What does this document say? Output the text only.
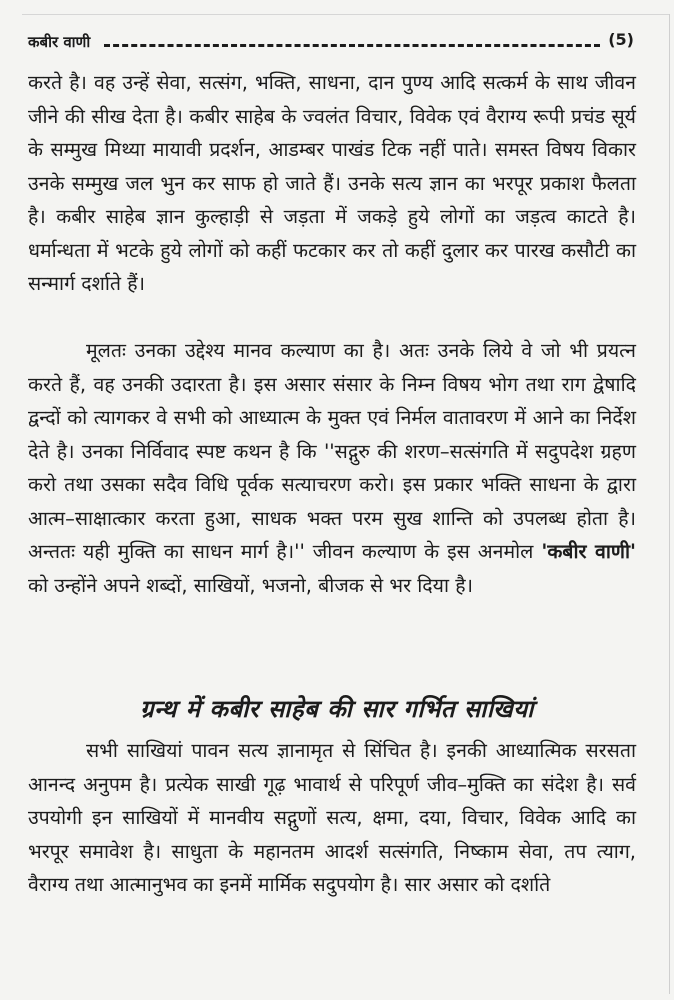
कबीर वाणी	(5)

करते है। वह उन्हें सेवा, सत्संग, भक्ति, साधना, दान पुण्य आदि सत्कर्म के साथ जीवन जीने की सीख देता है। कबीर साहेब के ज्वलंत विचार, विवेक एवं वैराग्य रूपी प्रचंड सूर्य के सम्मुख मिथ्या मायावी प्रदर्शन, आडम्बर पाखंड टिक नहीं पाते। समस्त विषय विकार उनके सम्मुख जल भुन कर साफ हो जाते हैं। उनके सत्य ज्ञान का भरपूर प्रकाश फैलता है। कबीर साहेब ज्ञान कुल्हाड़ी से जड़ता में जकड़े हुये लोगों का जड़त्व काटते है। धर्मान्धता में भटके हुये लोगों को कहीं फटकार कर तो कहीं दुलार कर पारख कसौटी का सन्मार्ग दर्शाते हैं।

मूलतः उनका उद्देश्य मानव कल्याण का है। अतः उनके लिये वे जो भी प्रयत्न करते हैं, वह उनकी उदारता है। इस असार संसार के निम्न विषय भोग तथा राग द्वेषादि द्वन्दों को त्यागकर वे सभी को आध्यात्म के मुक्त एवं निर्मल वातावरण में आने का निर्देश देते है। उनका निर्विवाद स्पष्ट कथन है कि ''सद्गुरु की शरण–सत्संगति में सदुपदेश ग्रहण करो तथा उसका सदैव विधि पूर्वक सत्याचरण करो। इस प्रकार भक्ति साधना के द्वारा आत्म–साक्षात्कार करता हुआ, साधक भक्त परम सुख शान्ति को उपलब्ध होता है। अन्ततः यही मुक्ति का साधन मार्ग है।'' जीवन कल्याण के इस अनमोल 'कबीर वाणी' को उन्होंने अपने शब्दों, साखियों, भजनो, बीजक से भर दिया है।

ग्रन्थ में कबीर साहेब की सार गर्भित साखियां

सभी साखियां पावन सत्य ज्ञानामृत से सिंचित है। इनकी आध्यात्मिक सरसता आनन्द अनुपम है। प्रत्येक साखी गूढ़ भावार्थ से परिपूर्ण जीव–मुक्ति का संदेश है। सर्व उपयोगी इन साखियों में मानवीय सद्गुणों सत्य, क्षमा, दया, विचार, विवेक आदि का भरपूर समावेश है। साधुता के महानतम आदर्श सत्संगति, निष्काम सेवा, तप त्याग, वैराग्य तथा आत्मानुभव का इनमें मार्मिक सदुपयोग है। सार असार को दर्शाते
